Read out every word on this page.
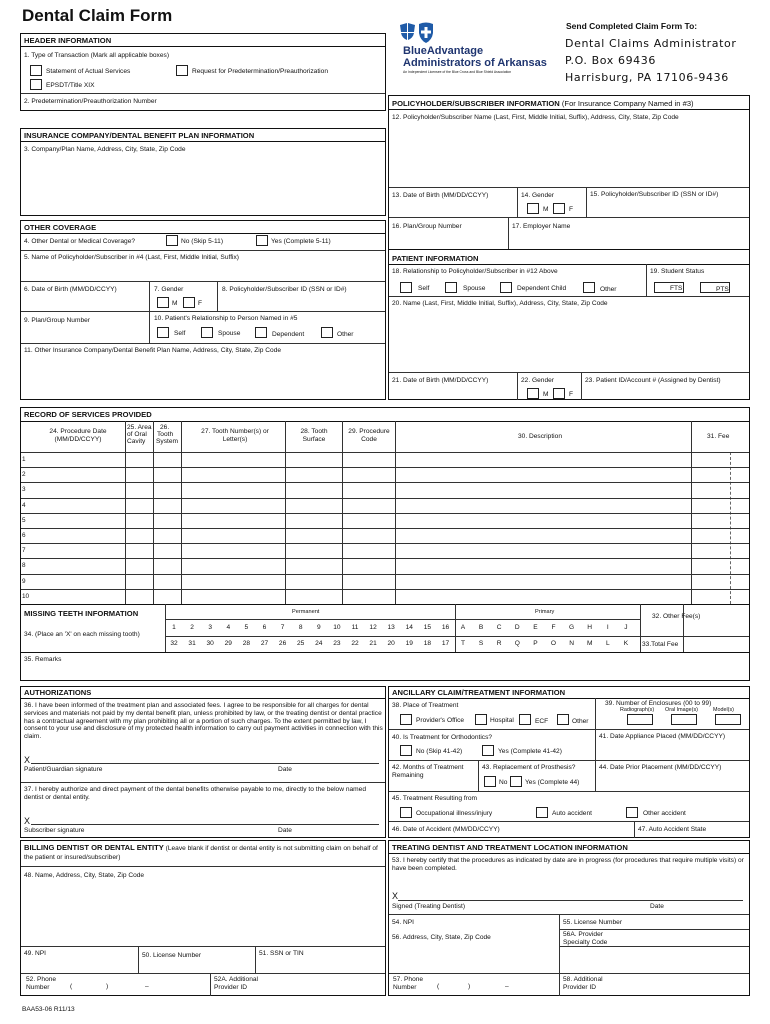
Dental Claim Form
BlueAdvantage
Administrators of Arkansas
An Independent Licensee of the Blue Cross and Blue Shield Association
Send Completed Claim Form To:
Dental Claims Administrator
P.O. Box 69436
Harrisburg, PA 17106-9436
HEADER INFORMATION
1. Type of Transaction (Mark all applicable boxes)
Statement of Actual Services	Request for Predetermination/Preauthorization
EPSDT/Title XIX
2. Predetermination/Preauthorization Number
INSURANCE COMPANY/DENTAL BENEFIT PLAN INFORMATION
3. Company/Plan Name, Address, City, State, Zip Code
OTHER COVERAGE
4. Other Dental or Medical Coverage?	No (Skip 5-11)	Yes (Complete 5-11)
5. Name of Policyholder/Subscriber in #4 (Last, First, Middle Initial, Suffix)
6. Date of Birth (MM/DD/CCYY)	7. Gender
M	F
8. Policyholder/Subscriber ID (SSN or ID#)
9. Plan/Group Number	10. Patient's Relationship to Person Named in #5
Self	Spouse	Dependent	Other
11. Other Insurance Company/Dental Benefit Plan Name, Address, City, State, Zip Code
POLICYHOLDER/SUBSCRIBER INFORMATION (For Insurance Company Named in #3)
12. Policyholder/Subscriber Name (Last, First, Middle Initial, Suffix), Address, City, State, Zip Code
13. Date of Birth (MM/DD/CCYY)	14. Gender
M	F
15. Policyholder/Subscriber ID (SSN or ID#)
16. Plan/Group Number	17. Employer Name
PATIENT INFORMATION
18. Relationship to Policyholder/Subscriber in #12 Above	19. Student Status
Self	Spouse	Dependent Child	Other	FTS	PTS
20. Name (Last, First, Middle Initial, Suffix), Address, City, State, Zip Code
21. Date of Birth (MM/DD/CCYY)	22. Gender
M	F
23. Patient ID/Account # (Assigned by Dentist)
RECORD OF SERVICES PROVIDED
24. Procedure Date (MM/DD/CCYY)
25. Area
of Oral
Cavity
26.
Tooth
System
27. Tooth Number(s) or Letter(s)
28. Tooth Surface
29. Procedure Code	30. Description	31. Fee
1
2
3
4
5
6
7
8
9
10
MISSING TEETH INFORMATION
34. (Place an 'X' on each missing tooth)
Permanent	Primary
32. Other Fee(s)
33.Total Fee
1	2	3	4	5	6	7	8	9	10	11	12	13	14	15	16
32	31	30	29	28	27	26	25	24	23	22	21	20	19	18	17
A	B	C	D	E	F	G	H	I	J
T	S	R	Q	P	O	N	M	L	K
35. Remarks
AUTHORIZATIONS
36. I have been informed of the treatment plan and associated fees. I agree to be responsible for all charges for dental services and materials not paid by my dental benefit plan, unless prohibited by law, or the treating dentist or dental practice has a contractual agreement with my plan prohibiting all or a portion of such charges. To the extent permitted by law, I consent to your use and disclosure of my protected health information to carry out payment activities in connection with this claim.
X
Patient/Guardian signature	Date
37. I hereby authorize and direct payment of the dental benefits otherwise payable to me, directly to the below named dentist or dental entity.
X
Subscriber signature	Date
BILLING DENTIST OR DENTAL ENTITY (Leave blank if dentist or dental entity is not submitting claim on behalf of the patient or insured/subscriber)
48. Name, Address, City, State, Zip Code
49. NPI	50. License Number	51. SSN or TIN
52. Phone Number	(	)	–
52A. Additional Provider ID
ANCILLARY CLAIM/TREATMENT INFORMATION
38. Place of Treatment
Provider's Office	Hospital	ECF	Other
39. Number of Enclosures (00 to 99)
Radiograph(s) Oral Image(s)	Model(s)
40. Is Treatment for Orthodontics?	41. Date Appliance Placed (MM/DD/CCYY)
No (Skip 41-42)	Yes (Complete 41-42)
42. Months of Treatment Remaining
43. Replacement of Prosthesis?
No	Yes (Complete 44)
44. Date Prior Placement (MM/DD/CCYY)
45. Treatment Resulting from
Occupational illness/injury	Auto accident	Other accident
46. Date of Accident (MM/DD/CCYY)	47. Auto Accident State
TREATING DENTIST AND TREATMENT LOCATION INFORMATION
53. I hereby certify that the procedures as indicated by date are in progress (for procedures that require multiple visits) or have been completed.
X
Signed (Treating Dentist)	Date
54. NPI	55. License Number
56. Address, City, State, Zip Code	56A. Provider Specialty Code
57. Phone Number	(	)	–
58. Additional Provider ID
BAA53-06 R11/13
